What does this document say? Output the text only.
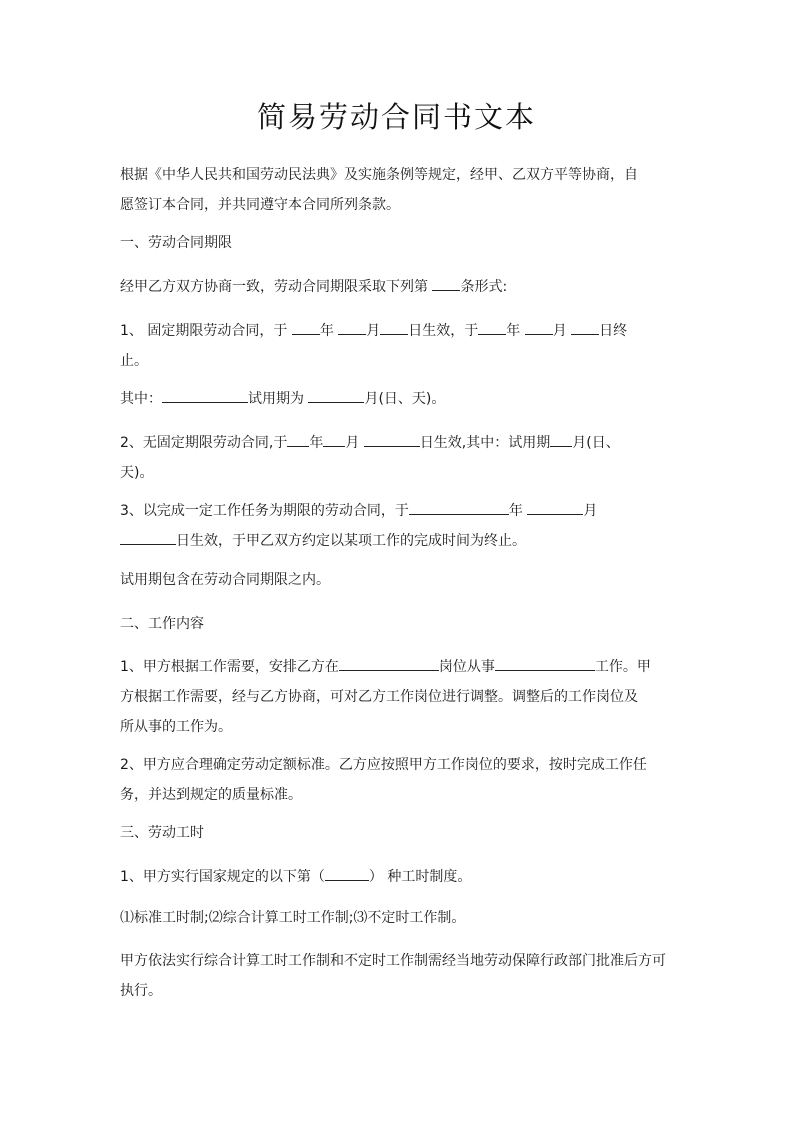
简易劳动合同书文本

根据《中华人民共和国劳动民法典》及实施条例等规定，经甲、乙双方平等协商，自
愿签订本合同，并共同遵守本合同所列条款。

一、劳动合同期限

经甲乙方双方协商一致，劳动合同期限采取下列第 条形式:

1、 固定期限劳动合同，于 年 月 日生效，于 年 月 日终
止。

其中：	试用期为	月(日、天)。

2、无固定期限劳动合同,于 年 月	日生效,其中：试用期 月(日、
天)。

3、以完成一定工作任务为期限的劳动合同，于	年	月
日生效，于甲乙双方约定以某项工作的完成时间为终止。

试用期包含在劳动合同期限之内。

二、工作内容

1、甲方根据工作需要，安排乙方在	岗位从事	工作。甲
方根据工作需要，经与乙方协商，可对乙方工作岗位进行调整。调整后的工作岗位及
所从事的工作为。

2、甲方应合理确定劳动定额标准。乙方应按照甲方工作岗位的要求，按时完成工作任
务，并达到规定的质量标准。

三、劳动工时

1、甲方实行国家规定的以下第（	） 种工时制度。

⑴标准工时制;⑵综合计算工时工作制;⑶不定时工作制。

甲方依法实行综合计算工时工作制和不定时工作制需经当地劳动保障行政部门批准后方可
执行。
